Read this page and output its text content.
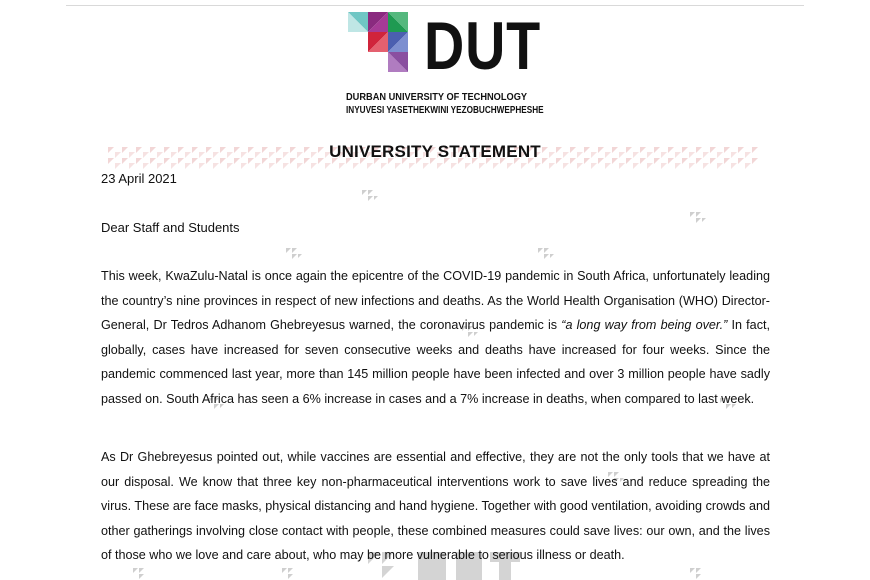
DUT
DURBAN UNIVERSITY OF TECHNOLOGY
INYUVESI YASETHEKWINI YEZOBUCHWEPHESHE
UNIVERSITY STATEMENT
23 April 2021
Dear Staff and Students
This week, KwaZulu-Natal is once again the epicentre of the COVID-19 pandemic in South Africa, unfortunately leading the country’s nine provinces in respect of new infections and deaths. As the World Health Organisation (WHO) Director-General, Dr Tedros Adhanom Ghebreyesus warned, the coronavirus pandemic is “a long way from being over.” In fact, globally, cases have increased for seven consecutive weeks and deaths have increased for four weeks. Since the pandemic commenced last year, more than 145 million people have been infected and over 3 million people have sadly passed on. South Africa has seen a 6% increase in cases and a 7% increase in deaths, when compared to last week.
As Dr Ghebreyesus pointed out, while vaccines are essential and effective, they are not the only tools that we have at our disposal. We know that three key non-pharmaceutical interventions work to save lives and reduce spreading the virus. These are face masks, physical distancing and hand hygiene. Together with good ventilation, avoiding crowds and other gatherings involving close contact with people, these combined measures could save lives: our own, and the lives of those who we love and care about, who may be more vulnerable to serious illness or death.
